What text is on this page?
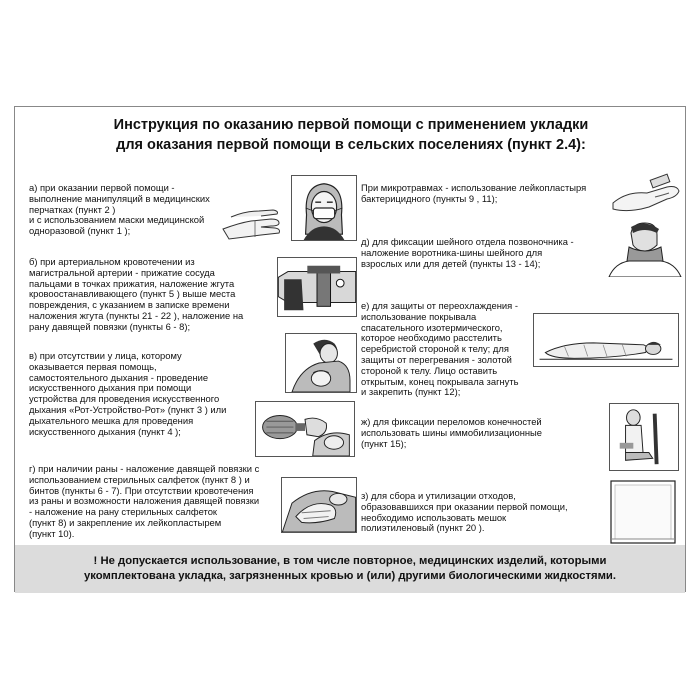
Инструкция по оказанию первой помощи с применением укладки
для оказания первой помощи в сельских поселениях (пункт 2.4):
а) при оказании первой помощи -
выполнение манипуляций в медицинских
перчатках (пункт 2 )
и с использованием маски медицинской
одноразовой (пункт 1 );
б) при артериальном кровотечении из
магистральной артерии - прижатие сосуда
пальцами в точках прижатия, наложение жгута
кровоостанавливающего (пункт 5 ) выше места
повреждения, с указанием в записке времени
наложения жгута (пункты 21 - 22 ), наложение на
рану давящей повязки (пункты 6 - 8);
в) при отсутствии у лица, которому
оказывается первая помощь,
самостоятельного дыхания - проведение
искусственного дыхания при помощи
устройства для проведения искусственного
дыхания «Рот-Устройство-Рот» (пункт 3 ) или
дыхательного мешка для проведения
искусственного дыхания (пункт 4 );
г) при наличии раны - наложение давящей повязки с
использованием стерильных салфеток (пункт 8 ) и
бинтов (пункты 6 - 7). При отсутствии кровотечения
из раны и возможности наложения давящей повязки
- наложение на рану стерильных салфеток
(пункт 8) и закрепление их лейкопластырем
(пункт 10).
При микротравмах - использование лейкопластыря
бактерицидного (пункты 9 , 11);
д) для фиксации шейного отдела позвоночника -
наложение воротника-шины шейного для
взрослых или для детей (пункты 13 - 14);
е) для защиты от переохлаждения -
использование покрывала
спасательного изотермического,
которое необходимо расстелить
серебристой стороной к телу; для
защиты от перегревания - золотой
стороной к телу. Лицо оставить
открытым, конец покрывала загнуть
и закрепить (пункт 12);
ж) для фиксации переломов конечностей
использовать шины иммобилизационные
(пункт 15);
з) для сбора и утилизации отходов,
образовавшихся при оказании первой помощи,
необходимо использовать мешок
полиэтиленовый (пункт 20 ).
! Не допускается использование, в том числе повторное, медицинских изделий, которыми
укомплектована укладка, загрязненных кровью и (или) другими биологическими жидкостями.
